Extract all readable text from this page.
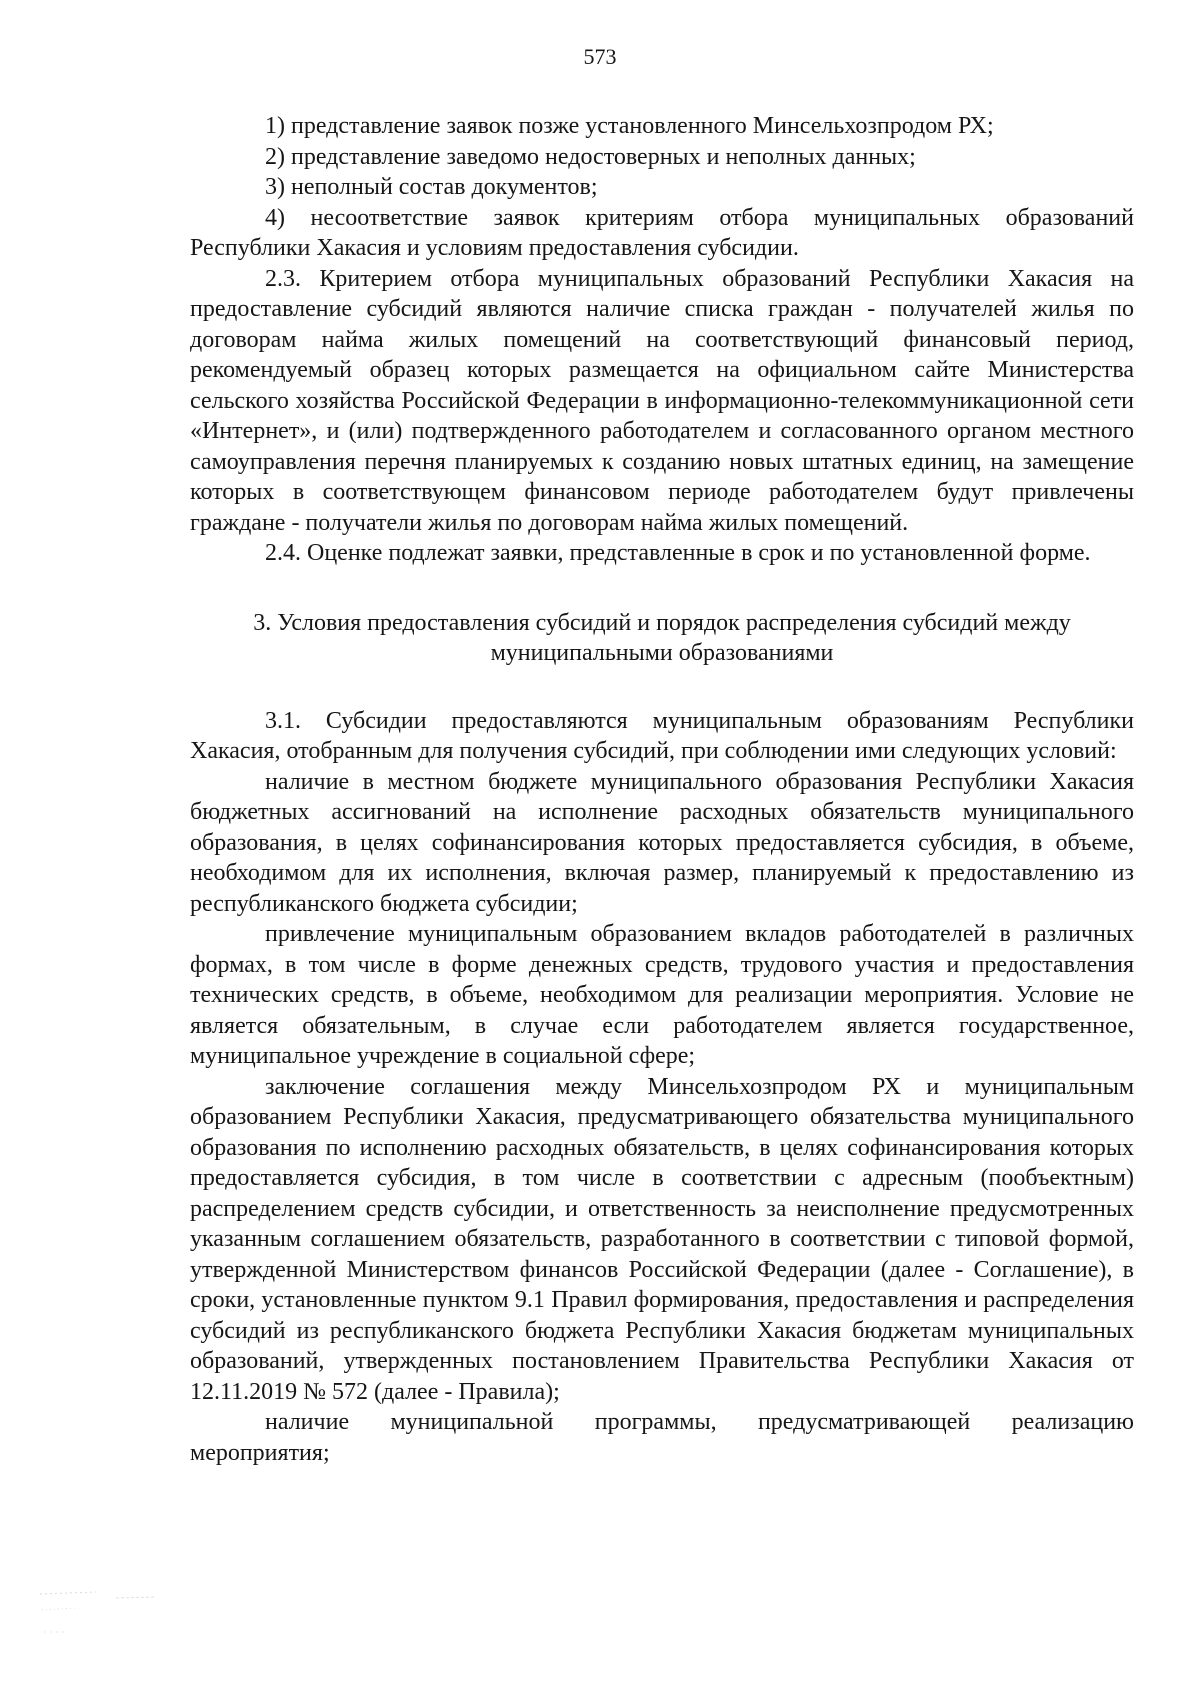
573

1) представление заявок позже установленного Минсельхозпродом РХ;

2) представление заведомо недостоверных и неполных данных;

3) неполный состав документов;

4) несоответствие заявок критериям отбора муниципальных образований Республики Хакасия и условиям предоставления субсидии.

2.3. Критерием отбора муниципальных образований Республики Хакасия на предоставление субсидий являются наличие списка граждан - получателей жилья по договорам найма жилых помещений на соответствующий финансовый период, рекомендуемый образец которых размещается на официальном сайте Министерства сельского хозяйства Российской Федерации в информационно-телекоммуникационной сети «Интернет», и (или) подтвержденного работодателем и согласованного органом местного самоуправления перечня планируемых к созданию новых штатных единиц, на замещение которых в соответствующем финансовом периоде работодателем будут привлечены граждане - получатели жилья по договорам найма жилых помещений.

2.4. Оценке подлежат заявки, представленные в срок и по установленной форме.

3. Условия предоставления субсидий и порядок распределения субсидий между
муниципальными образованиями

3.1. Субсидии предоставляются муниципальным образованиям Республики Хакасия, отобранным для получения субсидий, при соблюдении ими следующих условий:

наличие в местном бюджете муниципального образования Республики Хакасия бюджетных ассигнований на исполнение расходных обязательств муниципального образования, в целях софинансирования которых предоставляется субсидия, в объеме, необходимом для их исполнения, включая размер, планируемый к предоставлению из республиканского бюджета субсидии;

привлечение муниципальным образованием вкладов работодателей в различных формах, в том числе в форме денежных средств, трудового участия и предоставления технических средств, в объеме, необходимом для реализации мероприятия. Условие не является обязательным, в случае если работодателем является государственное, муниципальное учреждение в социальной сфере;

заключение соглашения между Минсельхозпродом РХ и муниципальным образованием Республики Хакасия, предусматривающего обязательства муниципального образования по исполнению расходных обязательств, в целях софинансирования которых предоставляется субсидия, в том числе в соответствии с адресным (пообъектным) распределением средств субсидии, и ответственность за неисполнение предусмотренных указанным соглашением обязательств, разработанного в соответствии с типовой формой, утвержденной Министерством финансов Российской Федерации (далее - Соглашение), в сроки, установленные пунктом 9.1 Правил формирования, предоставления и распределения субсидий из республиканского бюджета Республики Хакасия бюджетам муниципальных образований, утвержденных постановлением Правительства Республики Хакасия от 12.11.2019 № 572 (далее - Правила);

наличие муниципальной программы, предусматривающей реализацию мероприятия;
